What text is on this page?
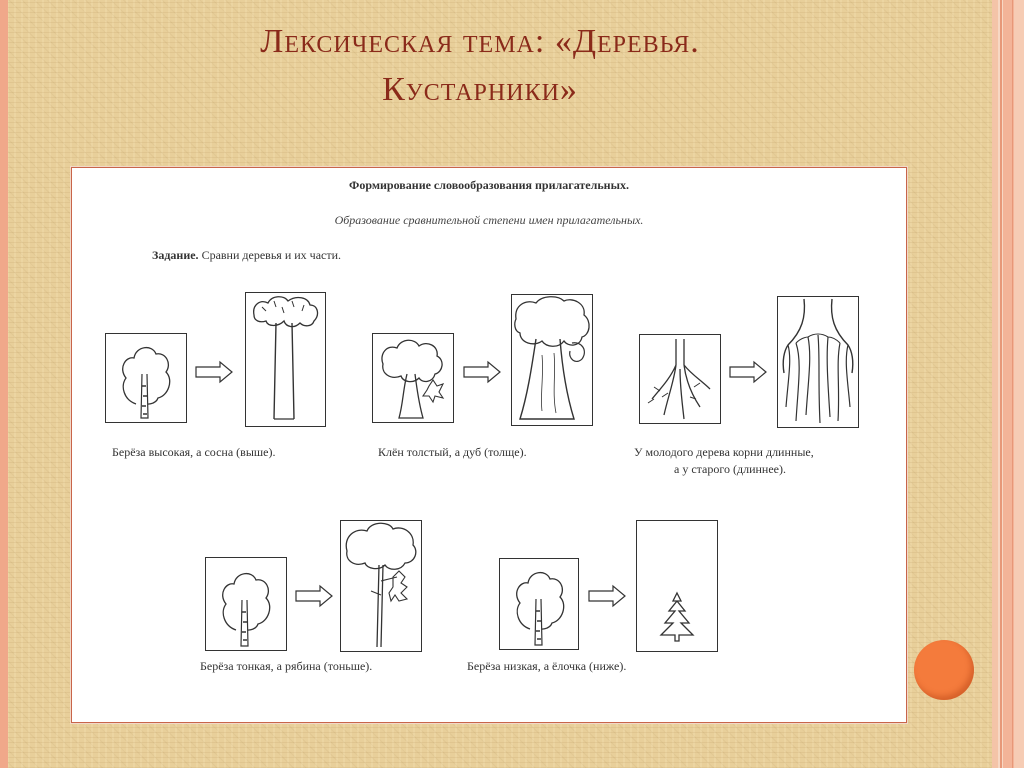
Лексическая тема: «Деревья.
Кустарники»
Формирование словообразования прилагательных.
Образование сравнительной степени имен прилагательных.
Задание. Сравни деревья и их части.
Берёза высокая, а сосна (выше).	Клён толстый, а дуб (толще).	У молодого дерева корни длинные,
а у старого (длиннее).
Берёза тонкая, а рябина (тоньше).	Берёза низкая, а ёлочка (ниже).
